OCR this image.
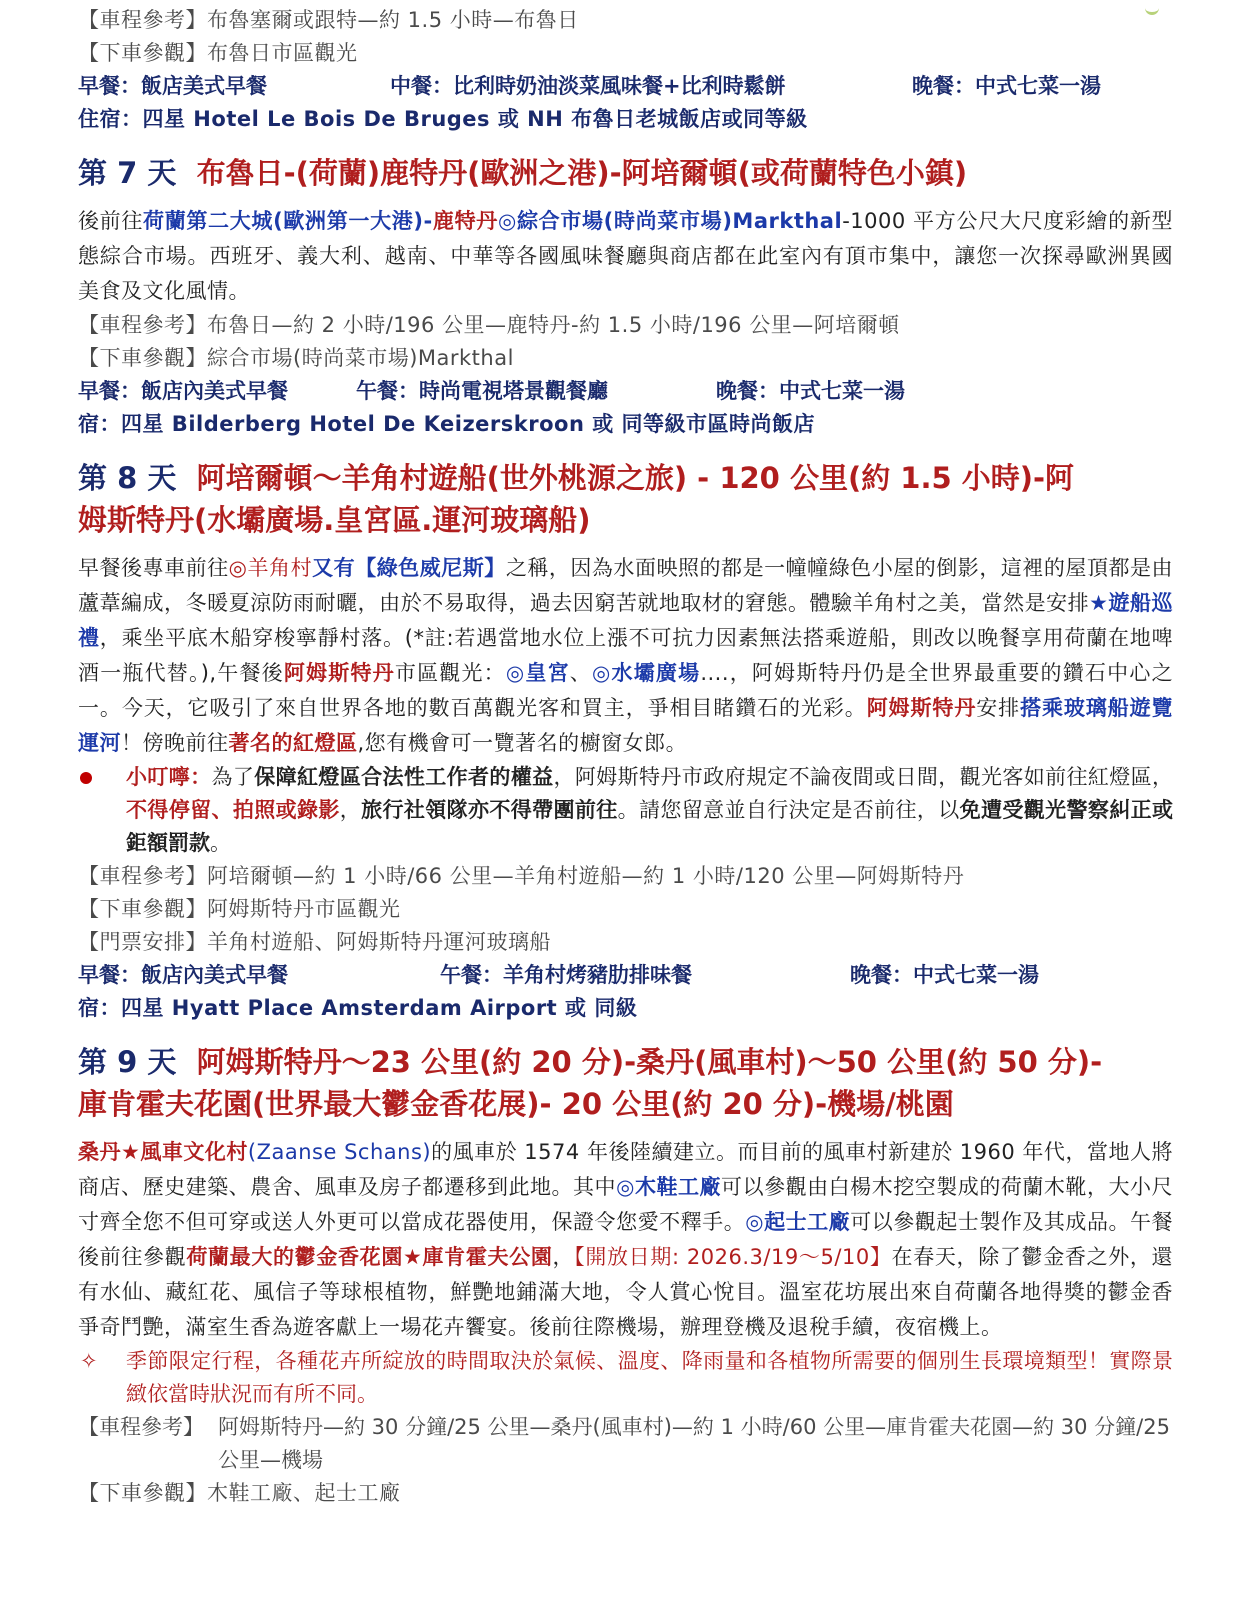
【車程參考】布魯塞爾或跟特—約 1.5 小時—布魯日
【下車參觀】布魯日市區觀光
早餐：飯店美式早餐	中餐：比利時奶油淡菜風味餐+比利時鬆餅	晚餐：中式七菜一湯
住宿：四星 Hotel Le Bois De Bruges 或 NH 布魯日老城飯店或同等級
第 7 天 布魯日-(荷蘭)鹿特丹(歐洲之港)-阿培爾頓(或荷蘭特色小鎮)
後前往荷蘭第二大城(歐洲第一大港)-鹿特丹◎綜合市場(時尚菜市場)Markthal-1000 平方公尺大尺度彩繪的新型態綜合市場。西班牙、義大利、越南、中華等各國風味餐廳與商店都在此室內有頂市集中，讓您一次探尋歐洲異國美食及文化風情。
【車程參考】布魯日—約 2 小時/196 公里—鹿特丹-約 1.5 小時/196 公里—阿培爾頓
【下車參觀】綜合市場(時尚菜市場)Markthal
早餐：飯店內美式早餐	午餐：時尚電視塔景觀餐廳	晚餐：中式七菜一湯
宿：四星 Bilderberg Hotel De Keizerskroon 或 同等級市區時尚飯店
第 8 天 阿培爾頓～羊角村遊船(世外桃源之旅) - 120 公里(約 1.5 小時)-阿
姆斯特丹(水壩廣場.皇宮區.運河玻璃船)
早餐後專車前往◎羊角村又有【綠色威尼斯】之稱，因為水面映照的都是一幢幢綠色小屋的倒影，這裡的屋頂都是由蘆葦編成，冬暖夏涼防雨耐曬，由於不易取得，過去因窮苦就地取材的窘態。體驗羊角村之美，當然是安排★遊船巡禮，乘坐平底木船穿梭寧靜村落。(*註:若遇當地水位上漲不可抗力因素無法搭乘遊船，則改以晚餐享用荷蘭在地啤酒一瓶代替。),午餐後阿姆斯特丹市區觀光：◎皇宮、◎水壩廣場....，阿姆斯特丹仍是全世界最重要的鑽石中心之一。今天，它吸引了來自世界各地的數百萬觀光客和買主，爭相目睹鑽石的光彩。阿姆斯特丹安排搭乘玻璃船遊覽運河！傍晚前往著名的紅燈區,您有機會可一覽著名的櫥窗女郎。
小叮嚀：為了保障紅燈區合法性工作者的權益，阿姆斯特丹市政府規定不論夜間或日間，觀光客如前往紅燈區，不得停留、拍照或錄影，旅行社領隊亦不得帶團前往。請您留意並自行決定是否前往，以免遭受觀光警察糾正或鉅額罰款。
【車程參考】阿培爾頓—約 1 小時/66 公里—羊角村遊船—約 1 小時/120 公里—阿姆斯特丹
【下車參觀】阿姆斯特丹市區觀光
【門票安排】羊角村遊船、阿姆斯特丹運河玻璃船
早餐：飯店內美式早餐	午餐：羊角村烤豬肋排味餐	晚餐：中式七菜一湯
宿：四星 Hyatt Place Amsterdam Airport 或 同級
第 9 天 阿姆斯特丹～23 公里(約 20 分)-桑丹(風車村)～50 公里(約 50 分)-
庫肯霍夫花園(世界最大鬱金香花展)- 20 公里(約 20 分)-機場/桃園
桑丹★風車文化村(Zaanse Schans)的風車於 1574 年後陸續建立。而目前的風車村新建於 1960 年代，當地人將商店、歷史建築、農舍、風車及房子都遷移到此地。其中◎木鞋工廠可以參觀由白楊木挖空製成的荷蘭木靴，大小尺寸齊全您不但可穿或送人外更可以當成花器使用，保證令您愛不釋手。◎起士工廠可以參觀起士製作及其成品。午餐後前往參觀荷蘭最大的鬱金香花園★庫肯霍夫公園，【開放日期: 2026.3/19～5/10】在春天，除了鬱金香之外，還有水仙、藏紅花、風信子等球根植物，鮮艷地鋪滿大地，令人賞心悅目。溫室花坊展出來自荷蘭各地得獎的鬱金香爭奇鬥艷，滿室生香為遊客獻上一場花卉饗宴。後前往際機場，辦理登機及退稅手續，夜宿機上。
✧	季節限定行程，各種花卉所綻放的時間取決於氣候、溫度、降雨量和各植物所需要的個別生長環境類型！實際景緻依當時狀況而有所不同。
【車程參考】 阿姆斯特丹—約 30 分鐘/25 公里—桑丹(風車村)—約 1 小時/60 公里—庫肯霍夫花園—約 30 分鐘/25 公里—機場
【下車參觀】木鞋工廠、起士工廠
